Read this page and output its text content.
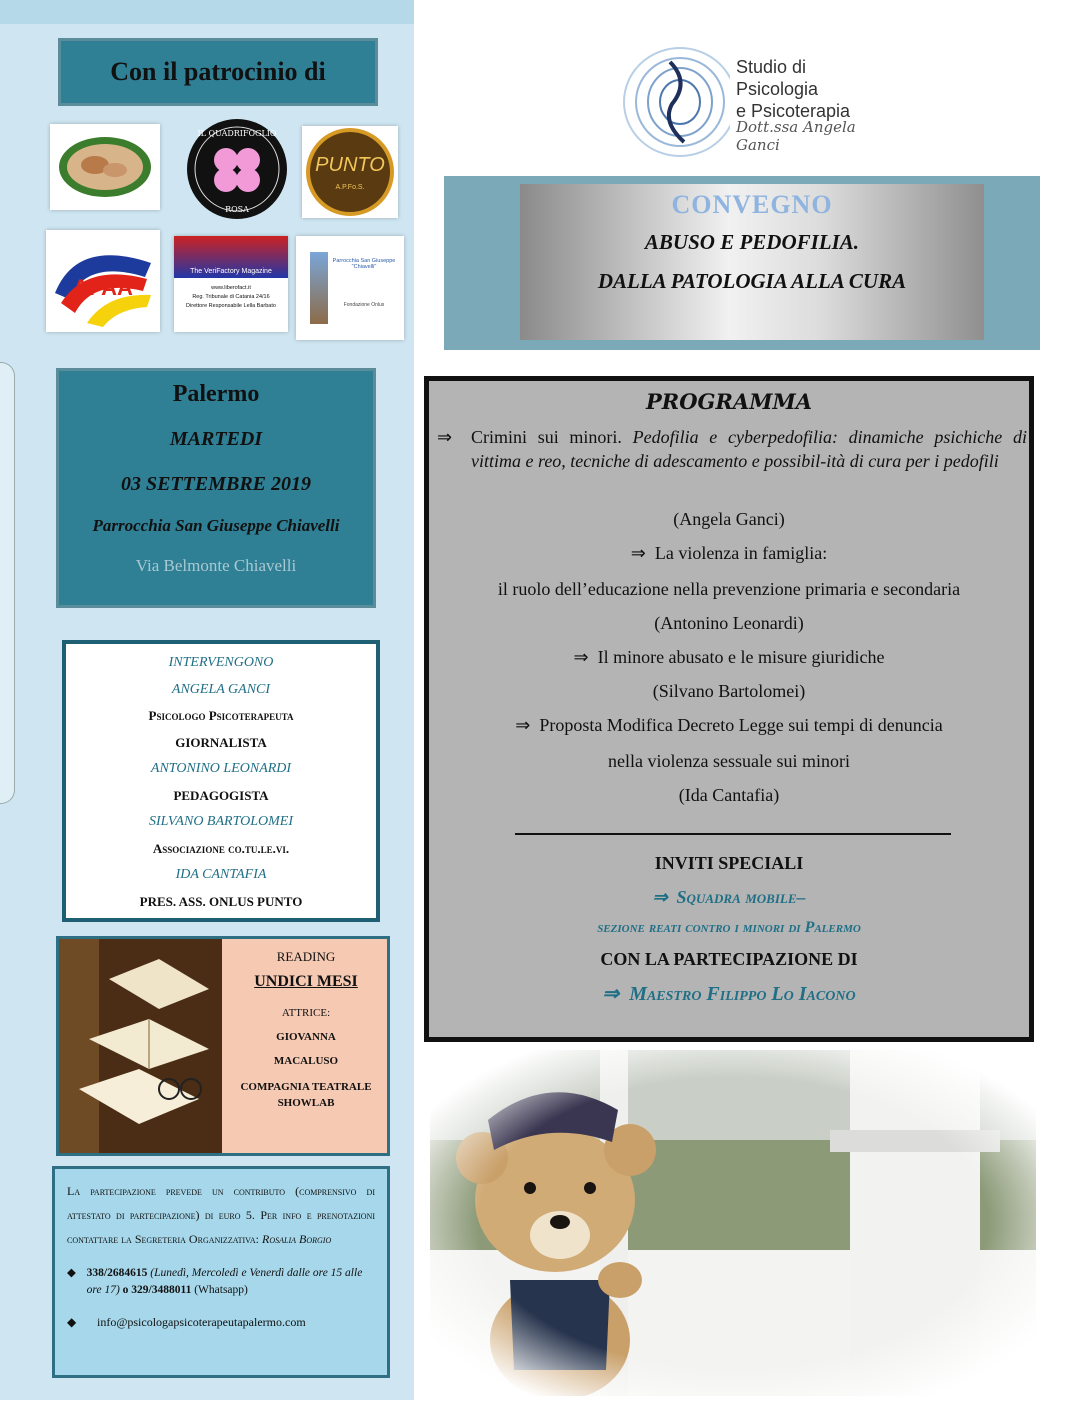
Con il patrocinio di
IL QUADRIFOGLIO
ROSA
PUNTO
A.P.Fo.S.
AFAA
The VeriFactory Magazine
www.liberofact.it
Reg. Tribunale di Catania 24/16
Direttore Responsabile Lella Barbato
Parrocchia San Giuseppe "Chiavelli"
Fondazione Onlus
Palermo
MARTEDI
03 SETTEMBRE 2019
Parrocchia San Giuseppe Chiavelli
Via Belmonte Chiavelli
INTERVENGONO
ANGELA GANCI
Psicologo Psicoterapeuta
GIORNALISTA
ANTONINO LEONARDI
PEDAGOGISTA
SILVANO BARTOLOMEI
Associazione co.tu.le.vi.
IDA CANTAFIA
PRES. ASS. ONLUS PUNTO
READING
UNDICI MESI
ATTRICE:
GIOVANNA
MACALUSO
COMPAGNIA TEATRALE SHOWLAB
La partecipazione prevede un contributo (comprensivo di attestato di partecipazione) di euro 5. Per info e prenotazioni contattare la Segreteria Organizzativa: Rosalia Borgio
◆ 338/2684615 (Lunedì, Mercoledì e Venerdì dalle ore 15 alle ore 17) o 329/3488011 (Whatsapp)
◆	info@psicologapsicoterapeutapalermo.com
Studio di Psicologia
e Psicoterapia
Dott.ssa Angela Ganci
CONVEGNO
ABUSO E PEDOFILIA.
DALLA PATOLOGIA ALLA CURA
PROGRAMMA
⇒	Crimini sui minori. Pedofilia e cyberpedofilia: dinamiche psichiche di vittima e reo, tecniche di adescamento e possibil-ità di cura per i pedofili
(Angela Ganci)
⇒  La violenza in famiglia:
il ruolo dell’educazione nella prevenzione primaria e secondaria
(Antonino Leonardi)
⇒  Il minore abusato e le misure giuridiche
(Silvano Bartolomei)
⇒  Proposta Modifica Decreto Legge sui tempi di denuncia
nella violenza sessuale sui minori
(Ida Cantafia)
INVITI SPECIALI
⇒  Squadra mobile–
sezione reati contro i minori di Palermo
CON LA PARTECIPAZIONE DI
⇒  Maestro Filippo Lo Iacono
